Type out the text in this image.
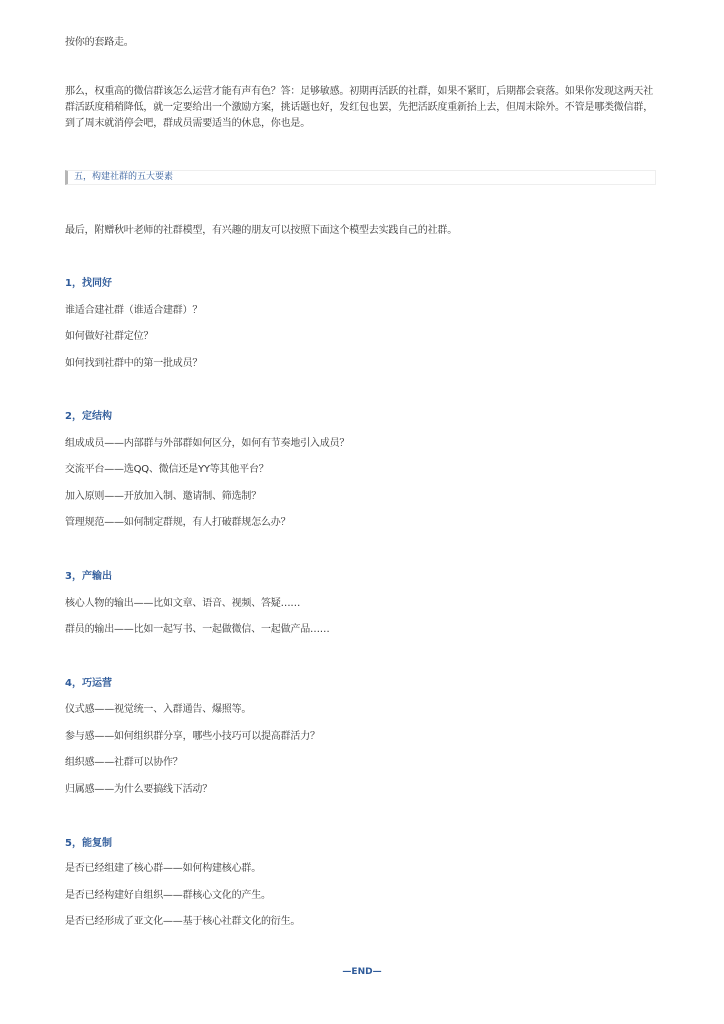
按你的套路走。
那么，权重高的微信群该怎么运营才能有声有色？答：足够敏感。初期再活跃的社群，如果不紧盯，后期都会衰落。如果你发现这两天社群活跃度稍稍降低，就一定要给出一个激励方案，挑话题也好，发红包也罢，先把活跃度重新抬上去，但周末除外。不管是哪类微信群，到了周末就消停会吧，群成员需要适当的休息，你也是。
五，构建社群的五大要素
最后，附赠秋叶老师的社群模型，有兴趣的朋友可以按照下面这个模型去实践自己的社群。
1，找同好
谁适合建社群（谁适合建群）？
如何做好社群定位？
如何找到社群中的第一批成员？
2，定结构
组成成员——内部群与外部群如何区分，如何有节奏地引入成员？
交流平台——选QQ、微信还是YY等其他平台？
加入原则——开放加入制、邀请制、筛选制？
管理规范——如何制定群规，有人打破群规怎么办？
3，产输出
核心人物的输出——比如文章、语音、视频、答疑……
群员的输出——比如一起写书、一起做微信、一起做产品……
4，巧运营
仪式感——视觉统一、入群通告、爆照等。
参与感——如何组织群分享，哪些小技巧可以提高群活力？
组织感——社群可以协作？
归属感——为什么要搞线下活动？
5，能复制
是否已经组建了核心群——如何构建核心群。
是否已经构建好自组织——群核心文化的产生。
是否已经形成了亚文化——基于核心社群文化的衍生。
—END—
